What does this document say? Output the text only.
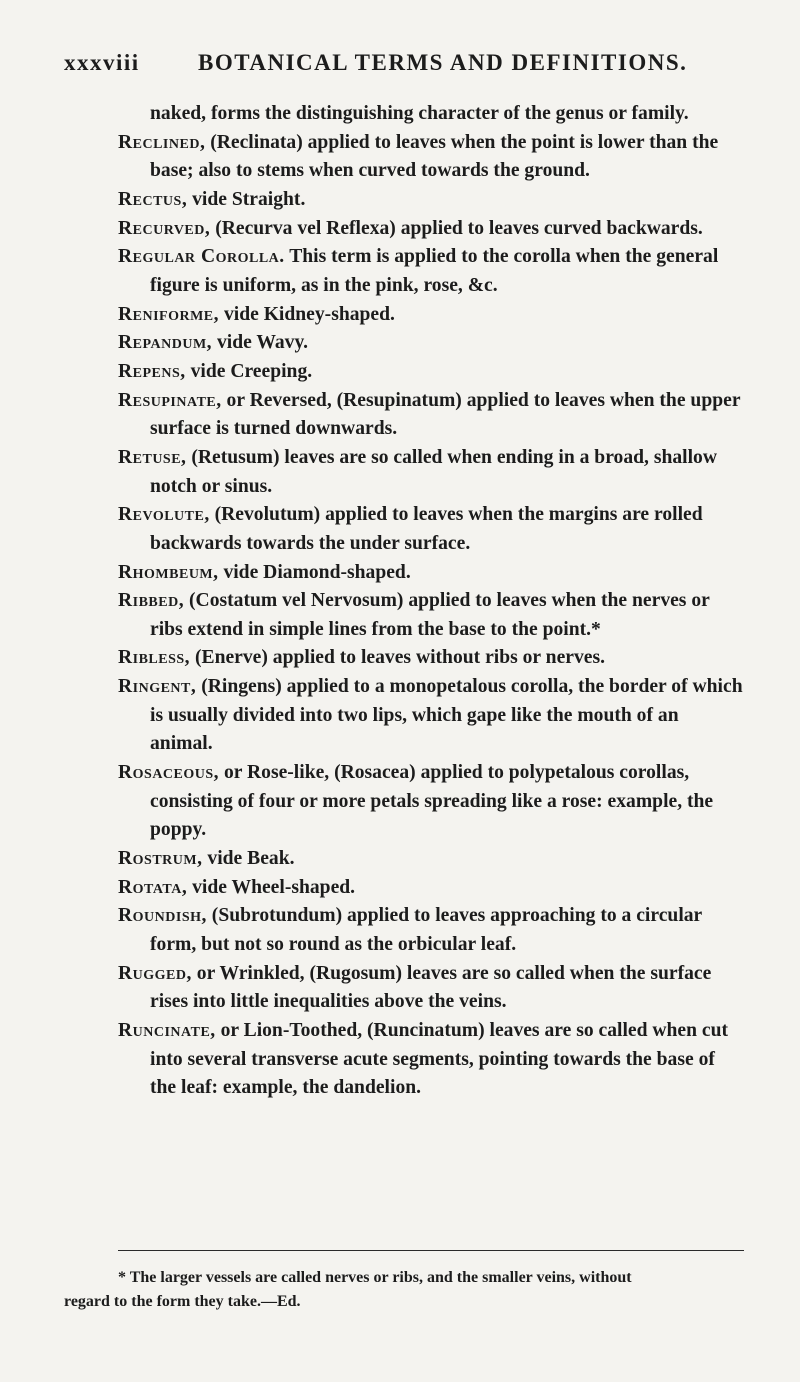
xxxviii	BOTANICAL TERMS AND DEFINITIONS.

naked, forms the distinguishing character of the genus or family.

Reclined, (Reclinata) applied to leaves when the point is lower than the base; also to stems when curved towards the ground.

Rectus, vide Straight.

Recurved, (Recurva vel Reflexa) applied to leaves curved backwards.

Regular Corolla. This term is applied to the corolla when the general figure is uniform, as in the pink, rose, &c.

Reniforme, vide Kidney-shaped.

Repandum, vide Wavy.

Repens, vide Creeping.

Resupinate, or Reversed, (Resupinatum) applied to leaves when the upper surface is turned downwards.

Retuse, (Retusum) leaves are so called when ending in a broad, shallow notch or sinus.

Revolute, (Revolutum) applied to leaves when the margins are rolled backwards towards the under surface.

Rhombeum, vide Diamond-shaped.

Ribbed, (Costatum vel Nervosum) applied to leaves when the nerves or ribs extend in simple lines from the base to the point.*

Ribless, (Enerve) applied to leaves without ribs or nerves.

Ringent, (Ringens) applied to a monopetalous corolla, the border of which is usually divided into two lips, which gape like the mouth of an animal.

Rosaceous, or Rose-like, (Rosacea) applied to polypetalous corollas, consisting of four or more petals spreading like a rose: example, the poppy.

Rostrum, vide Beak.

Rotata, vide Wheel-shaped.

Roundish, (Subrotundum) applied to leaves approaching to a circular form, but not so round as the orbicular leaf.

Rugged, or Wrinkled, (Rugosum) leaves are so called when the surface rises into little inequalities above the veins.

Runcinate, or Lion-Toothed, (Runcinatum) leaves are so called when cut into several transverse acute segments, pointing towards the base of the leaf: example, the dandelion.

* The larger vessels are called nerves or ribs, and the smaller veins, without
regard to the form they take.—Ed.
